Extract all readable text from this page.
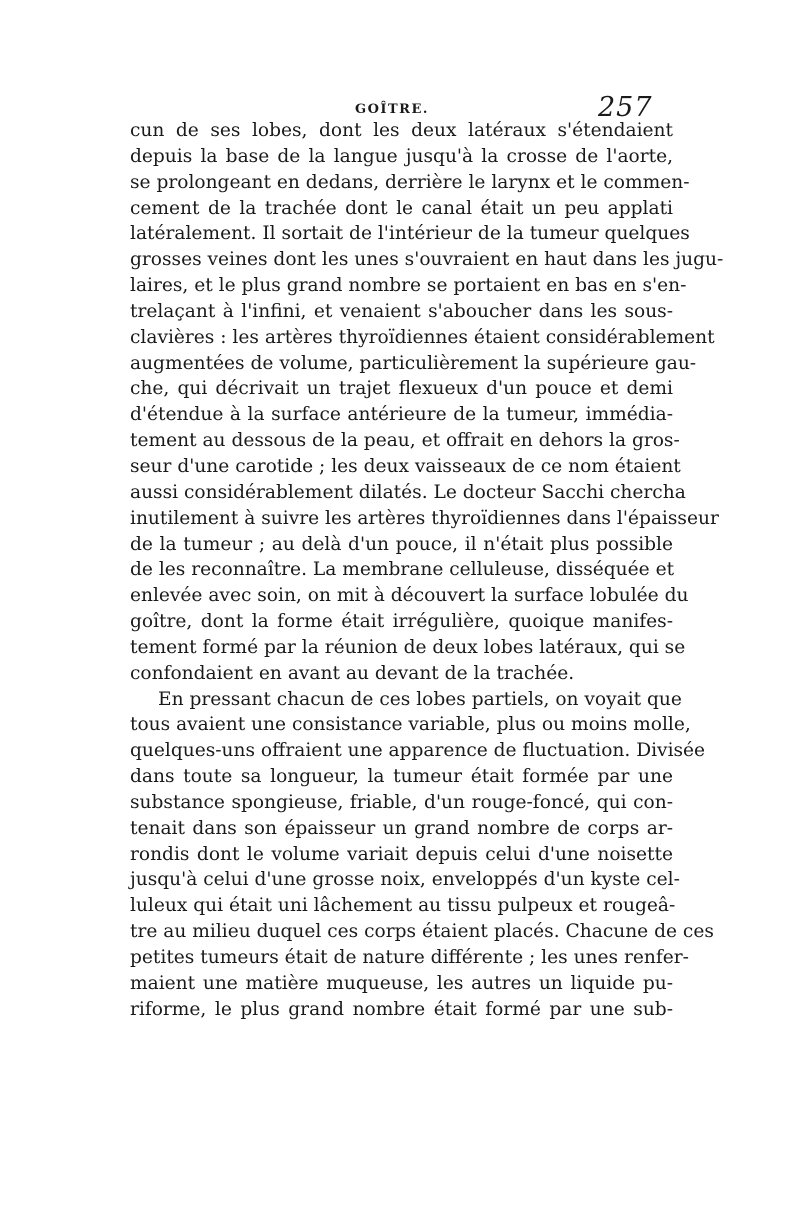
GOÎTRE.	257
cun de ses lobes, dont les deux latéraux s'étendaient
depuis la base de la langue jusqu'à la crosse de l'aorte,
se prolongeant en dedans, derrière le larynx et le commen-
cement de la trachée dont le canal était un peu applati
latéralement. Il sortait de l'intérieur de la tumeur quelques
grosses veines dont les unes s'ouvraient en haut dans les jugu-
laires, et le plus grand nombre se portaient en bas en s'en-
trelaçant à l'infini, et venaient s'aboucher dans les sous-
clavières : les artères thyroïdiennes étaient considérablement
augmentées de volume, particulièrement la supérieure gau-
che, qui décrivait un trajet flexueux d'un pouce et demi
d'étendue à la surface antérieure de la tumeur, immédia-
tement au dessous de la peau, et offrait en dehors la gros-
seur d'une carotide ; les deux vaisseaux de ce nom étaient
aussi considérablement dilatés. Le docteur Sacchi chercha
inutilement à suivre les artères thyroïdiennes dans l'épaisseur
de la tumeur ; au delà d'un pouce, il n'était plus possible
de les reconnaître. La membrane celluleuse, disséquée et
enlevée avec soin, on mit à découvert la surface lobulée du
goître, dont la forme était irrégulière, quoique manifes-
tement formé par la réunion de deux lobes latéraux, qui se
confondaient en avant au devant de la trachée.
En pressant chacun de ces lobes partiels, on voyait que
tous avaient une consistance variable, plus ou moins molle,
quelques-uns offraient une apparence de fluctuation. Divisée
dans toute sa longueur, la tumeur était formée par une
substance spongieuse, friable, d'un rouge-foncé, qui con-
tenait dans son épaisseur un grand nombre de corps ar-
rondis dont le volume variait depuis celui d'une noisette
jusqu'à celui d'une grosse noix, enveloppés d'un kyste cel-
luleux qui était uni lâchement au tissu pulpeux et rougeâ-
tre au milieu duquel ces corps étaient placés. Chacune de ces
petites tumeurs était de nature différente ; les unes renfer-
maient une matière muqueuse, les autres un liquide pu-
riforme, le plus grand nombre était formé par une sub-
